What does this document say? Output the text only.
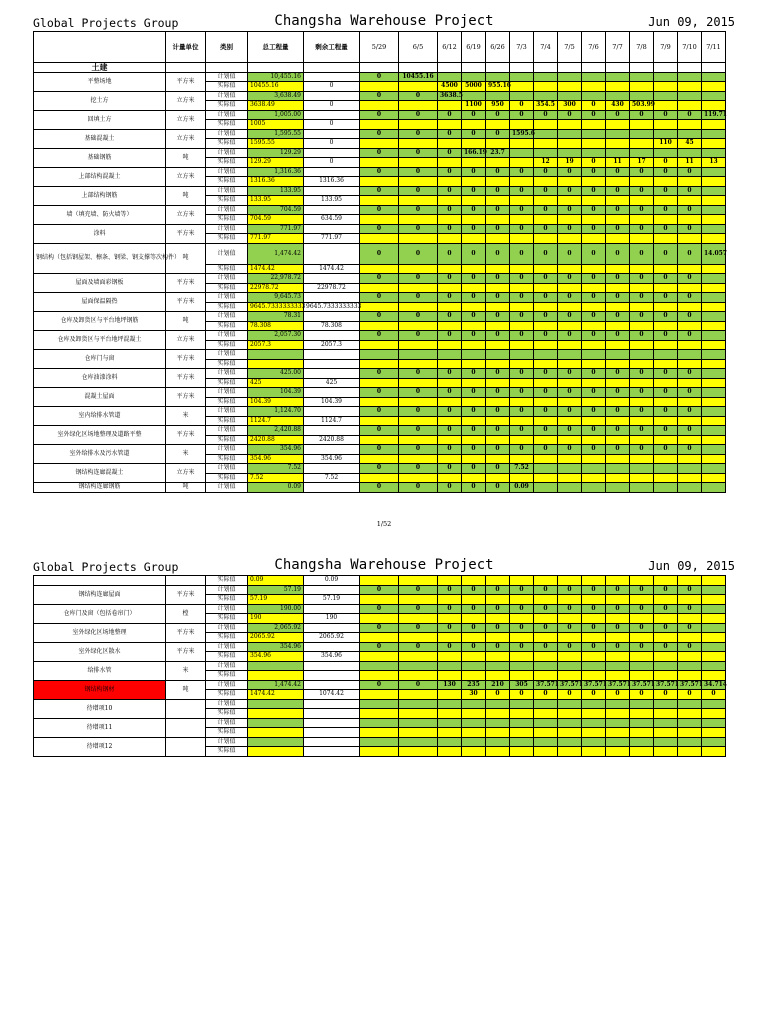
Global Projects Group	Changsha Warehouse Project	Jun 09, 2015
	计量单位	类别	总工程量	剩余工程量	5/29	6/5	6/12	6/19	6/26	7/3	7/4	7/5	7/6	7/7	7/8	7/9	7/10	7/11
土建																		
平整场地	平方米	计划值	10,455.16		0	10455.16												
		实际值	10455.16	0			4500	5000	955.16									
挖土方	立方米	计划值	3,638.49		0	0	3638.5											
		实际值	3638.49	0				1100	950	0	354.5	300	0	430	503.99			
回填土方	立方米	计划值	1,005.00		0	0	0	0	0	0	0	0	0	0	0	0	0	119.71
		实际值	1005	0														
基础混凝土	立方米	计划值	1,595.55		0	0	0	0	0	1595.6								
		实际值	1595.55	0												110	45	
基础钢筋	吨	计划值	129.29		0	0	0	166.19	23.7									
		实际值	129.29	0							12	19	0	11	17	0	11	13
上部结构混凝土	立方米	计划值	1,316.36		0	0	0	0	0	0	0	0	0	0	0	0	0	
		实际值	1316.36	1316.36														
上部结构钢筋	吨	计划值	133.95		0	0	0	0	0	0	0	0	0	0	0	0	0	
		实际值	133.95	133.95														
墙（填充墙、防火墙等）	立方米	计划值	704.59		0	0	0	0	0	0	0	0	0	0	0	0	0	
		实际值	704.59	634.59														
涂料	平方米	计划值	771.97		0	0	0	0	0	0	0	0	0	0	0	0	0	
		实际值	771.97	771.97														
钢结构（包括钢屋架、檩条、钢梁、钢支撑等次构件）	吨	计划值	1,474.42		0	0	0	0	0	0	0	0	0	0	0	0	0	14.057
		实际值	1474.42	1474.42														
屋面及墙面彩钢板	平方米	计划值	22,978.72		0	0	0	0	0	0	0	0	0	0	0	0	0	
		实际值	22978.72	22978.72														
屋面保温隔热	平方米	计划值	9,645.73		0	0	0	0	0	0	0	0	0	0	0	0	0	
		实际值	9645.7333333333	9645.7333333333														
仓库及卸货区与平台地坪钢筋	吨	计划值	78.31		0	0	0	0	0	0	0	0	0	0	0	0	0	
		实际值	78.308	78.308														
仓库及卸货区与平台地坪混凝土	立方米	计划值	2,057.30		0	0	0	0	0	0	0	0	0	0	0	0	0	
		实际值	2057.3	2057.3														
仓库门与窗	平方米	计划值																
		实际值																
仓库油漆涂料	平方米	计划值	425.00		0	0	0	0	0	0	0	0	0	0	0	0	0	
		实际值	425	425														
混凝土屋面	平方米	计划值	104.39		0	0	0	0	0	0	0	0	0	0	0	0	0	
		实际值	104.39	104.39														
室内给排水管道	米	计划值	1,124.70		0	0	0	0	0	0	0	0	0	0	0	0	0	
		实际值	1124.7	1124.7														
室外绿化区场地整理及道路平整	平方米	计划值	2,420.88		0	0	0	0	0	0	0	0	0	0	0	0	0	
		实际值	2420.88	2420.88														
室外给排水及污水管道	米	计划值	354.96		0	0	0	0	0	0	0	0	0	0	0	0	0	
		实际值	354.96	354.96														
钢结构连廊混凝土	立方米	计划值	7.52		0	0	0	0	0	7.52								
		实际值	7.52	7.52														
钢结构连廊钢筋	吨	计划值	0.09		0	0	0	0	0	0.09								
1/52
Global Projects Group	Changsha Warehouse Project	Jun 09, 2015
		实际值	0.09	0.09														
钢结构连廊屋面	平方米	计划值	57.19		0	0	0	0	0	0	0	0	0	0	0	0	0	
		实际值	57.19	57.19														
仓库门及窗（包括卷帘门）	樘	计划值	190.00		0	0	0	0	0	0	0	0	0	0	0	0	0	
		实际值	190	190														
室外绿化区场地整理	平方米	计划值	2,065.92		0	0	0	0	0	0	0	0	0	0	0	0	0	
		实际值	2065.92	2065.92														
室外绿化区散水	平方米	计划值	354.96		0	0	0	0	0	0	0	0	0	0	0	0	0	
		实际值	354.96	354.96														
给排水管	米	计划值																
		实际值																
钢结构钢材	吨	计划值	1,474.42		0	0	130	235	210	305	37.571	37.571	37.571	37.571	37.571	37.571	37.571	34.714
		实际值	1474.42	1074.42				30	0	0	0	0	0	0	0	0	0	0
待增项10		计划值																
		实际值																
待增项11		计划值																
		实际值																
待增项12		计划值																
		实际值																
